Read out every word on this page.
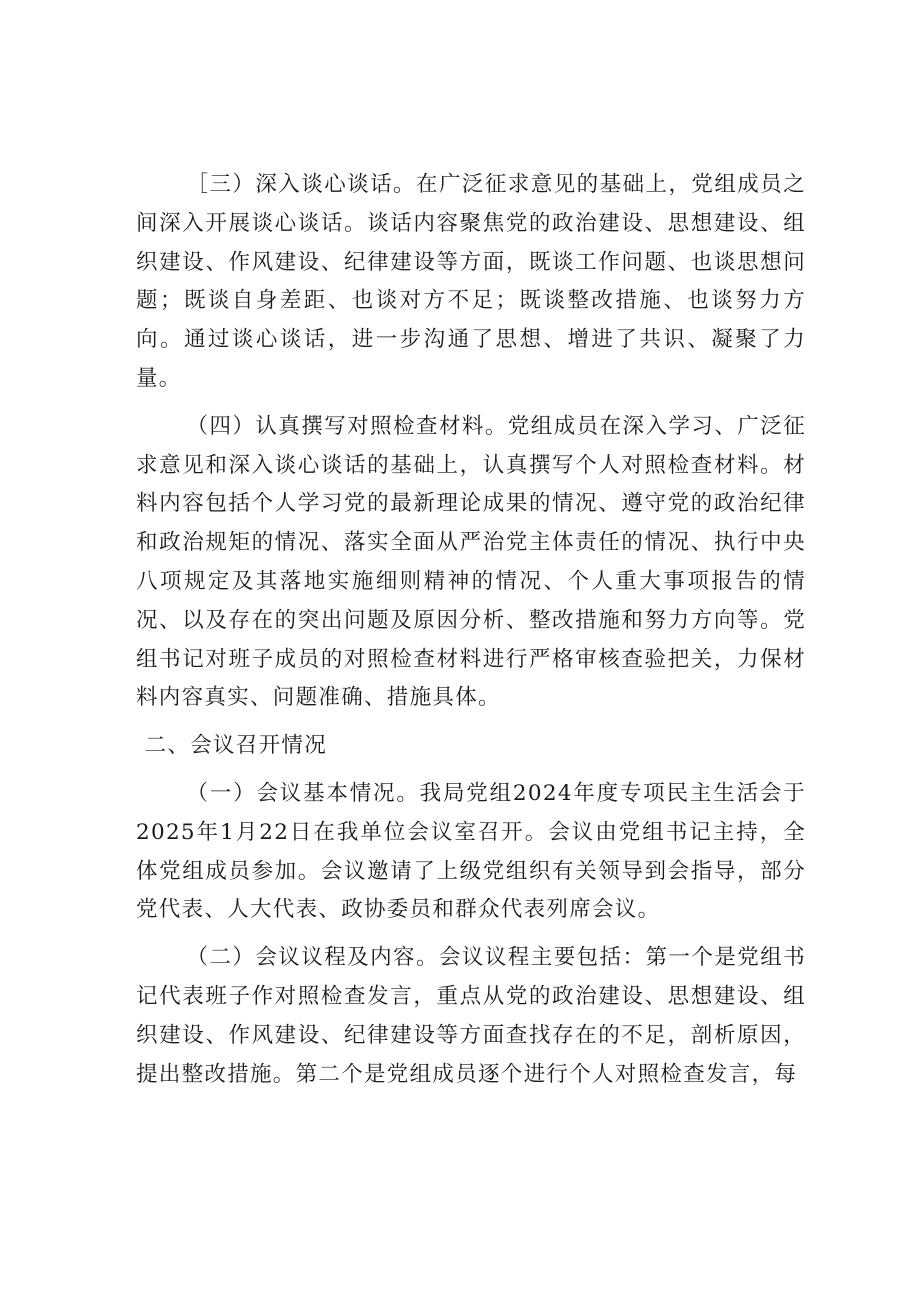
［三）深入谈心谈话。在广泛征求意见的基础上，党组成员之间深入开展谈心谈话。谈话内容聚焦党的政治建设、思想建设、组织建设、作风建设、纪律建设等方面，既谈工作问题、也谈思想问题；既谈自身差距、也谈对方不足；既谈整改措施、也谈努力方向。通过谈心谈话，进一步沟通了思想、增进了共识、凝聚了力量。

（四）认真撰写对照检查材料。党组成员在深入学习、广泛征求意见和深入谈心谈话的基础上，认真撰写个人对照检查材料。材料内容包括个人学习党的最新理论成果的情况、遵守党的政治纪律和政治规矩的情况、落实全面从严治党主体责任的情况、执行中央八项规定及其落地实施细则精神的情况、个人重大事项报告的情况、以及存在的突出问题及原因分析、整改措施和努力方向等。党组书记对班子成员的对照检查材料进行严格审核查验把关，力保材料内容真实、问题准确、措施具体。

二、会议召开情况

（一）会议基本情况。我局党组2024年度专项民主生活会于2025年1月22日在我单位会议室召开。会议由党组书记主持，全体党组成员参加。会议邀请了上级党组织有关领导到会指导，部分党代表、人大代表、政协委员和群众代表列席会议。

（二）会议议程及内容。会议议程主要包括：第一个是党组书记代表班子作对照检查发言，重点从党的政治建设、思想建设、组织建设、作风建设、纪律建设等方面查找存在的不足，剖析原因，提出整改措施。第二个是党组成员逐个进行个人对照检查发言，每
